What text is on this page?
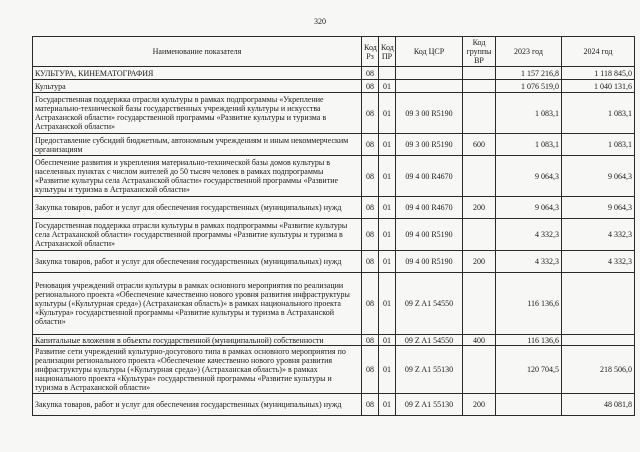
320
Наименование показателя	Код Рз	Код ПР	Код ЦСР	Код группы ВР	2023 год	2024 год
КУЛЬТУРА, КИНЕМАТОГРАФИЯ	08				1 157 216,8	1 118 845,0
Культура	08	01			1 076 519,0	1 040 131,6
Государственная поддержка отрасли культуры в рамках подпрограммы «Укрепление материально-технической базы государственных учреждений культуры и искусства Астраханской области» государственной программы «Развитие культуры и туризма в Астраханской области»	08	01	09 3 00 R5190		1 083,1	1 083,1
Предоставление субсидий бюджетным, автономным учреждениям и иным некоммерческим организациям	08	01	09 3 00 R5190	600	1 083,1	1 083,1
Обеспечение развития и укрепления материально-технической базы домов культуры в населенных пунктах с числом жителей до 50 тысяч человек в рамках подпрограммы «Развитие культуры села Астраханской области» государственной программы «Развитие культуры и туризма в Астраханской области»	08	01	09 4 00 R4670		9 064,3	9 064,3
Закупка товаров, работ и услуг для обеспечения государственных (муниципальных) нужд	08	01	09 4 00 R4670	200	9 064,3	9 064,3
Государственная поддержка отрасли культуры в рамках подпрограммы «Развитие культуры села Астраханской области» государственной программы «Развитие культуры и туризма в Астраханской области»	08	01	09 4 00 R5190		4 332,3	4 332,3
Закупка товаров, работ и услуг для обеспечения государственных (муниципальных) нужд	08	01	09 4 00 R5190	200	4 332,3	4 332,3
Реновация учреждений отрасли культуры в рамках основного мероприятия по реализации регионального проекта «Обеспечение качественно нового уровня развития инфраструктуры культуры («Культурная среда») (Астраханская область)» в рамках национального проекта «Культура» государственной программы «Развитие культуры и туризма в Астраханской области»	08	01	09 Z A1 54550		116 136,6	
Капитальные вложения в объекты государственной (муниципальной) собственности	08	01	09 Z A1 54550	400	116 136,6	
Развитие сети учреждений культурно-досугового типа в рамках основного мероприятия по реализации регионального проекта «Обеспечение качественно нового уровня развития инфраструктуры культуры («Культурная среда») (Астраханская область)» в рамках национального проекта «Культура» государственной программы «Развитие культуры и туризма в Астраханской области»	08	01	09 Z A1 55130		120 704,5	218 506,0
Закупка товаров, работ и услуг для обеспечения государственных (муниципальных) нужд	08	01	09 Z A1 55130	200		48 081,8
